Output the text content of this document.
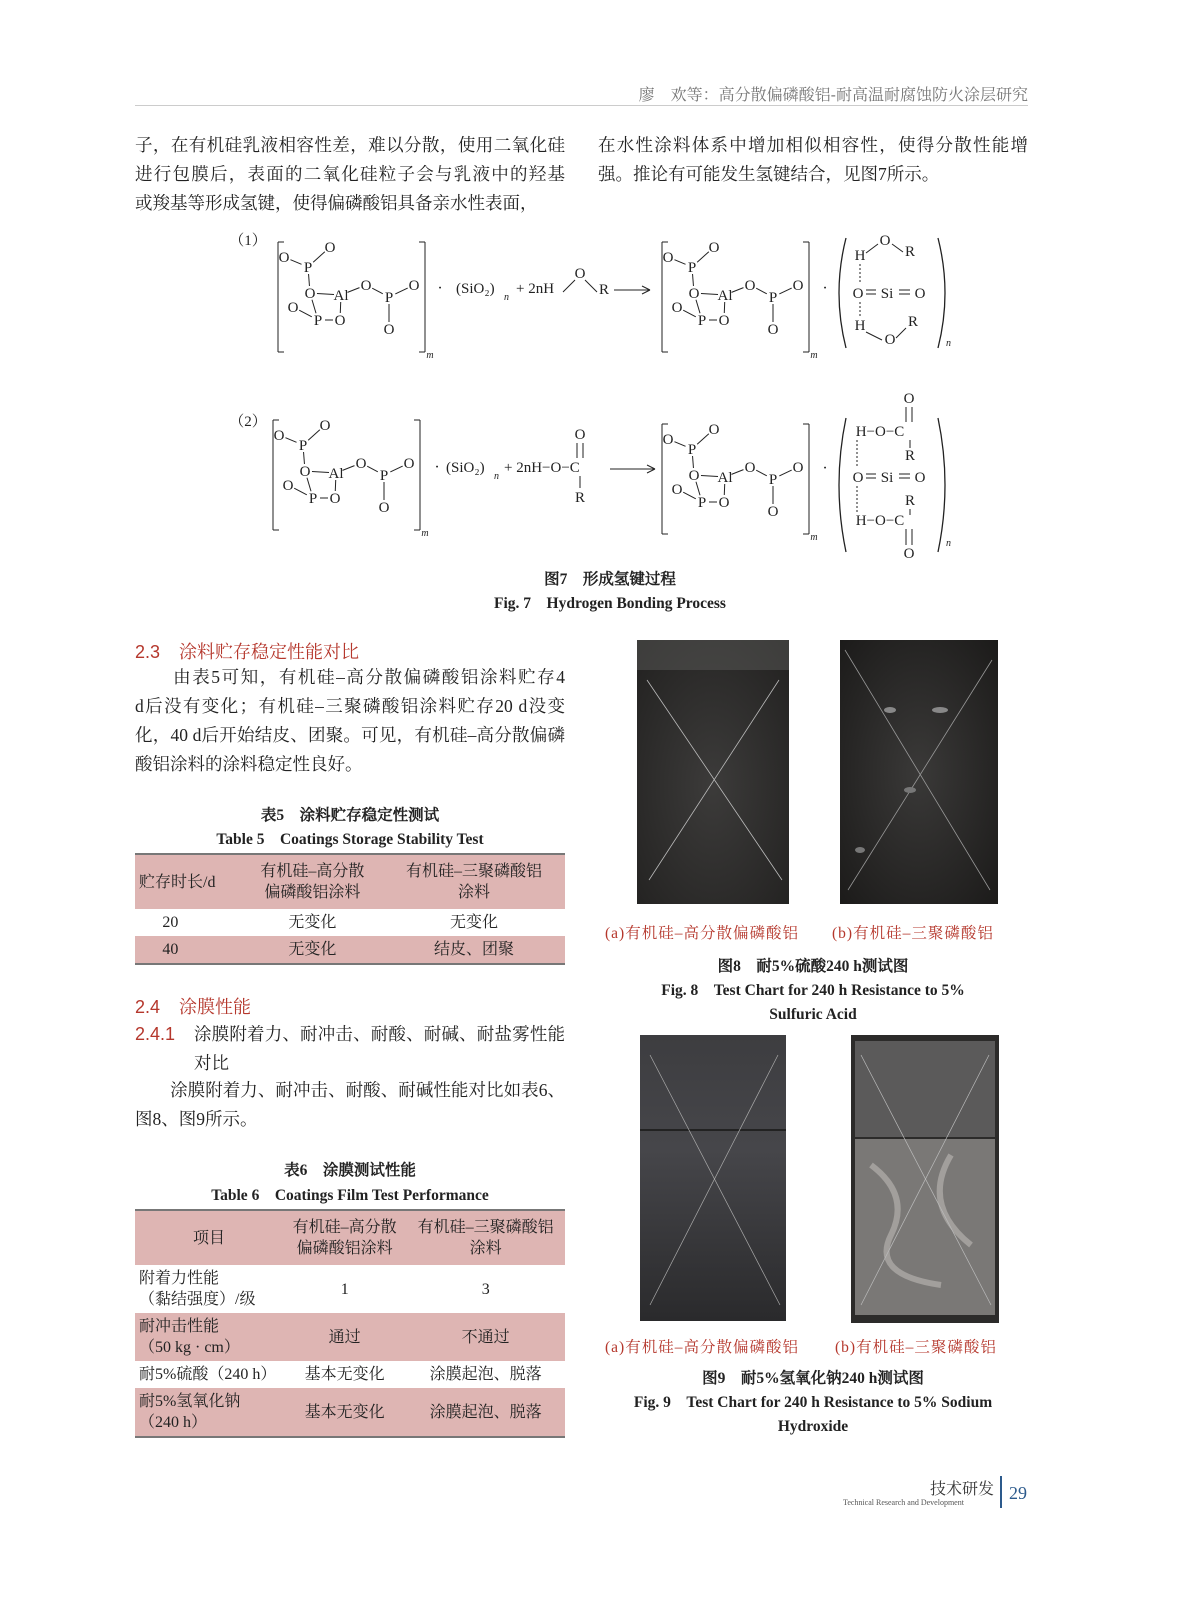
廖　欢等：高分散偏磷酸铝-耐高温耐腐蚀防火涂层研究
子，在有机硅乳液相容性差，难以分散，使用二氧化硅
进行包膜后，表面的二氧化硅粒子会与乳液中的羟基
或羧基等形成氢键，使得偏磷酸铝具备亲水性表面，
在水性涂料体系中增加相似相容性，使得分散性能增
强。推论有可能发生氢键结合，见图7所示。
（1）
m
O
O
P
O Al
O
P
O
O
O
P O
· (SiO₂)
n
+ 2nH
O
R
m
O
O
P
O Al
O
P
O
O
O
P O
·
n
H
O
R
O Si O
H
O
R
（2）
m
O
O
P
O Al
O
P
O
O
O
P O
· (SiO₂)
n
+ 2nH−O−C
O
R
m
O
O
P
O Al
O
P
O
O
O
P O
·
n
O
H−O−C
R
O Si O
R
H−O−C
O
图7　形成氢键过程
Fig. 7　Hydrogen Bonding Process
2.3 涂料贮存稳定性能对比
　　由表5可知，有机硅–高分散偏磷酸铝涂料贮存4
d后没有变化；有机硅–三聚磷酸铝涂料贮存20 d没变
化，40 d后开始结皮、团聚。可见，有机硅–高分散偏磷
酸铝涂料的涂料稳定性良好。
表5　涂料贮存稳定性测试
Table 5　Coatings Storage Stability Test
贮存时长/d	有机硅–高分散
偏磷酸铝涂料	有机硅–三聚磷酸铝
涂料
20	无变化	无变化
40	无变化	结皮、团聚
2.4 涂膜性能
2.4.1 涂膜附着力、耐冲击、耐酸、耐碱、耐盐雾性能
对比
　　涂膜附着力、耐冲击、耐酸、耐碱性能对比如表6、
图8、图9所示。
表6　涂膜测试性能
Table 6　Coatings Film Test Performance
项目	有机硅–高分散
偏磷酸铝涂料	有机硅–三聚磷酸铝
涂料
附着力性能
（黏结强度）/级	1	3
耐冲击性能
（50 kg · cm）	通过	不通过
耐5%硫酸（240 h）	基本无变化	涂膜起泡、脱落
耐5%氢氧化钠
（240 h）	基本无变化	涂膜起泡、脱落
(a)有机硅–高分散偏磷酸铝 (b)有机硅–三聚磷酸铝
图8　耐5%硫酸240 h测试图
Fig. 8　Test Chart for 240 h Resistance to 5%
Sulfuric Acid
(a)有机硅–高分散偏磷酸铝 (b)有机硅–三聚磷酸铝
图9　耐5%氢氧化钠240 h测试图
Fig. 9　Test Chart for 240 h Resistance to 5% Sodium
Hydroxide
技术研发
Technical Research and Development	29
